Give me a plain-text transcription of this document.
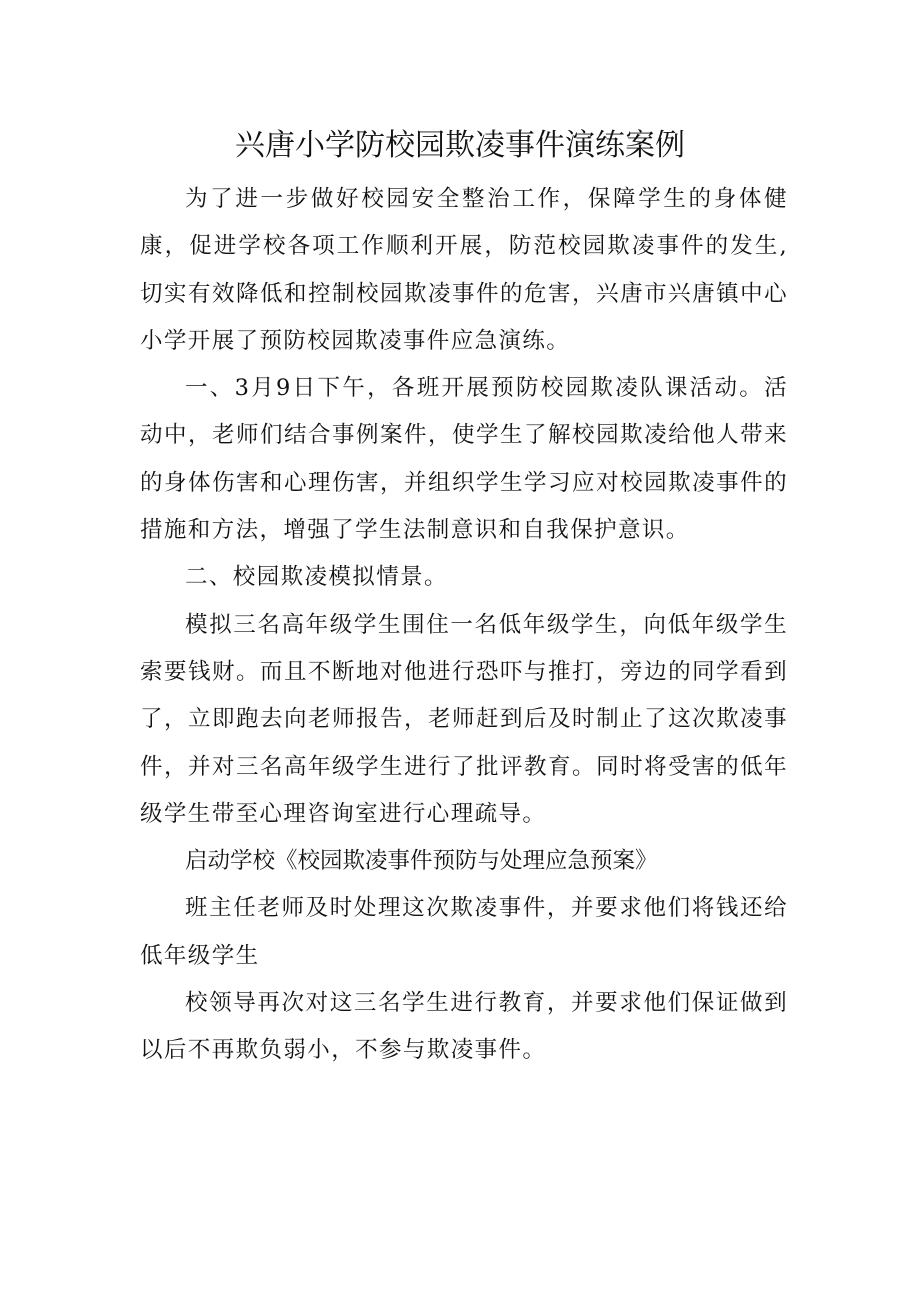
兴唐小学防校园欺凌事件演练案例

为了进一步做好校园安全整治工作，保障学生的身体健康，促进学校各项工作顺利开展，防范校园欺凌事件的发生,切实有效降低和控制校园欺凌事件的危害，兴唐市兴唐镇中心小学开展了预防校园欺凌事件应急演练。

一、3月9日下午，各班开展预防校园欺凌队课活动。活动中，老师们结合事例案件，使学生了解校园欺凌给他人带来的身体伤害和心理伤害，并组织学生学习应对校园欺凌事件的措施和方法，增强了学生法制意识和自我保护意识。

二、校园欺凌模拟情景。

模拟三名高年级学生围住一名低年级学生，向低年级学生索要钱财。而且不断地对他进行恐吓与推打，旁边的同学看到了，立即跑去向老师报告，老师赶到后及时制止了这次欺凌事件，并对三名高年级学生进行了批评教育。同时将受害的低年级学生带至心理咨询室进行心理疏导。

启动学校《校园欺凌事件预防与处理应急预案》

班主任老师及时处理这次欺凌事件，并要求他们将钱还给低年级学生

校领导再次对这三名学生进行教育，并要求他们保证做到以后不再欺负弱小，不参与欺凌事件。
